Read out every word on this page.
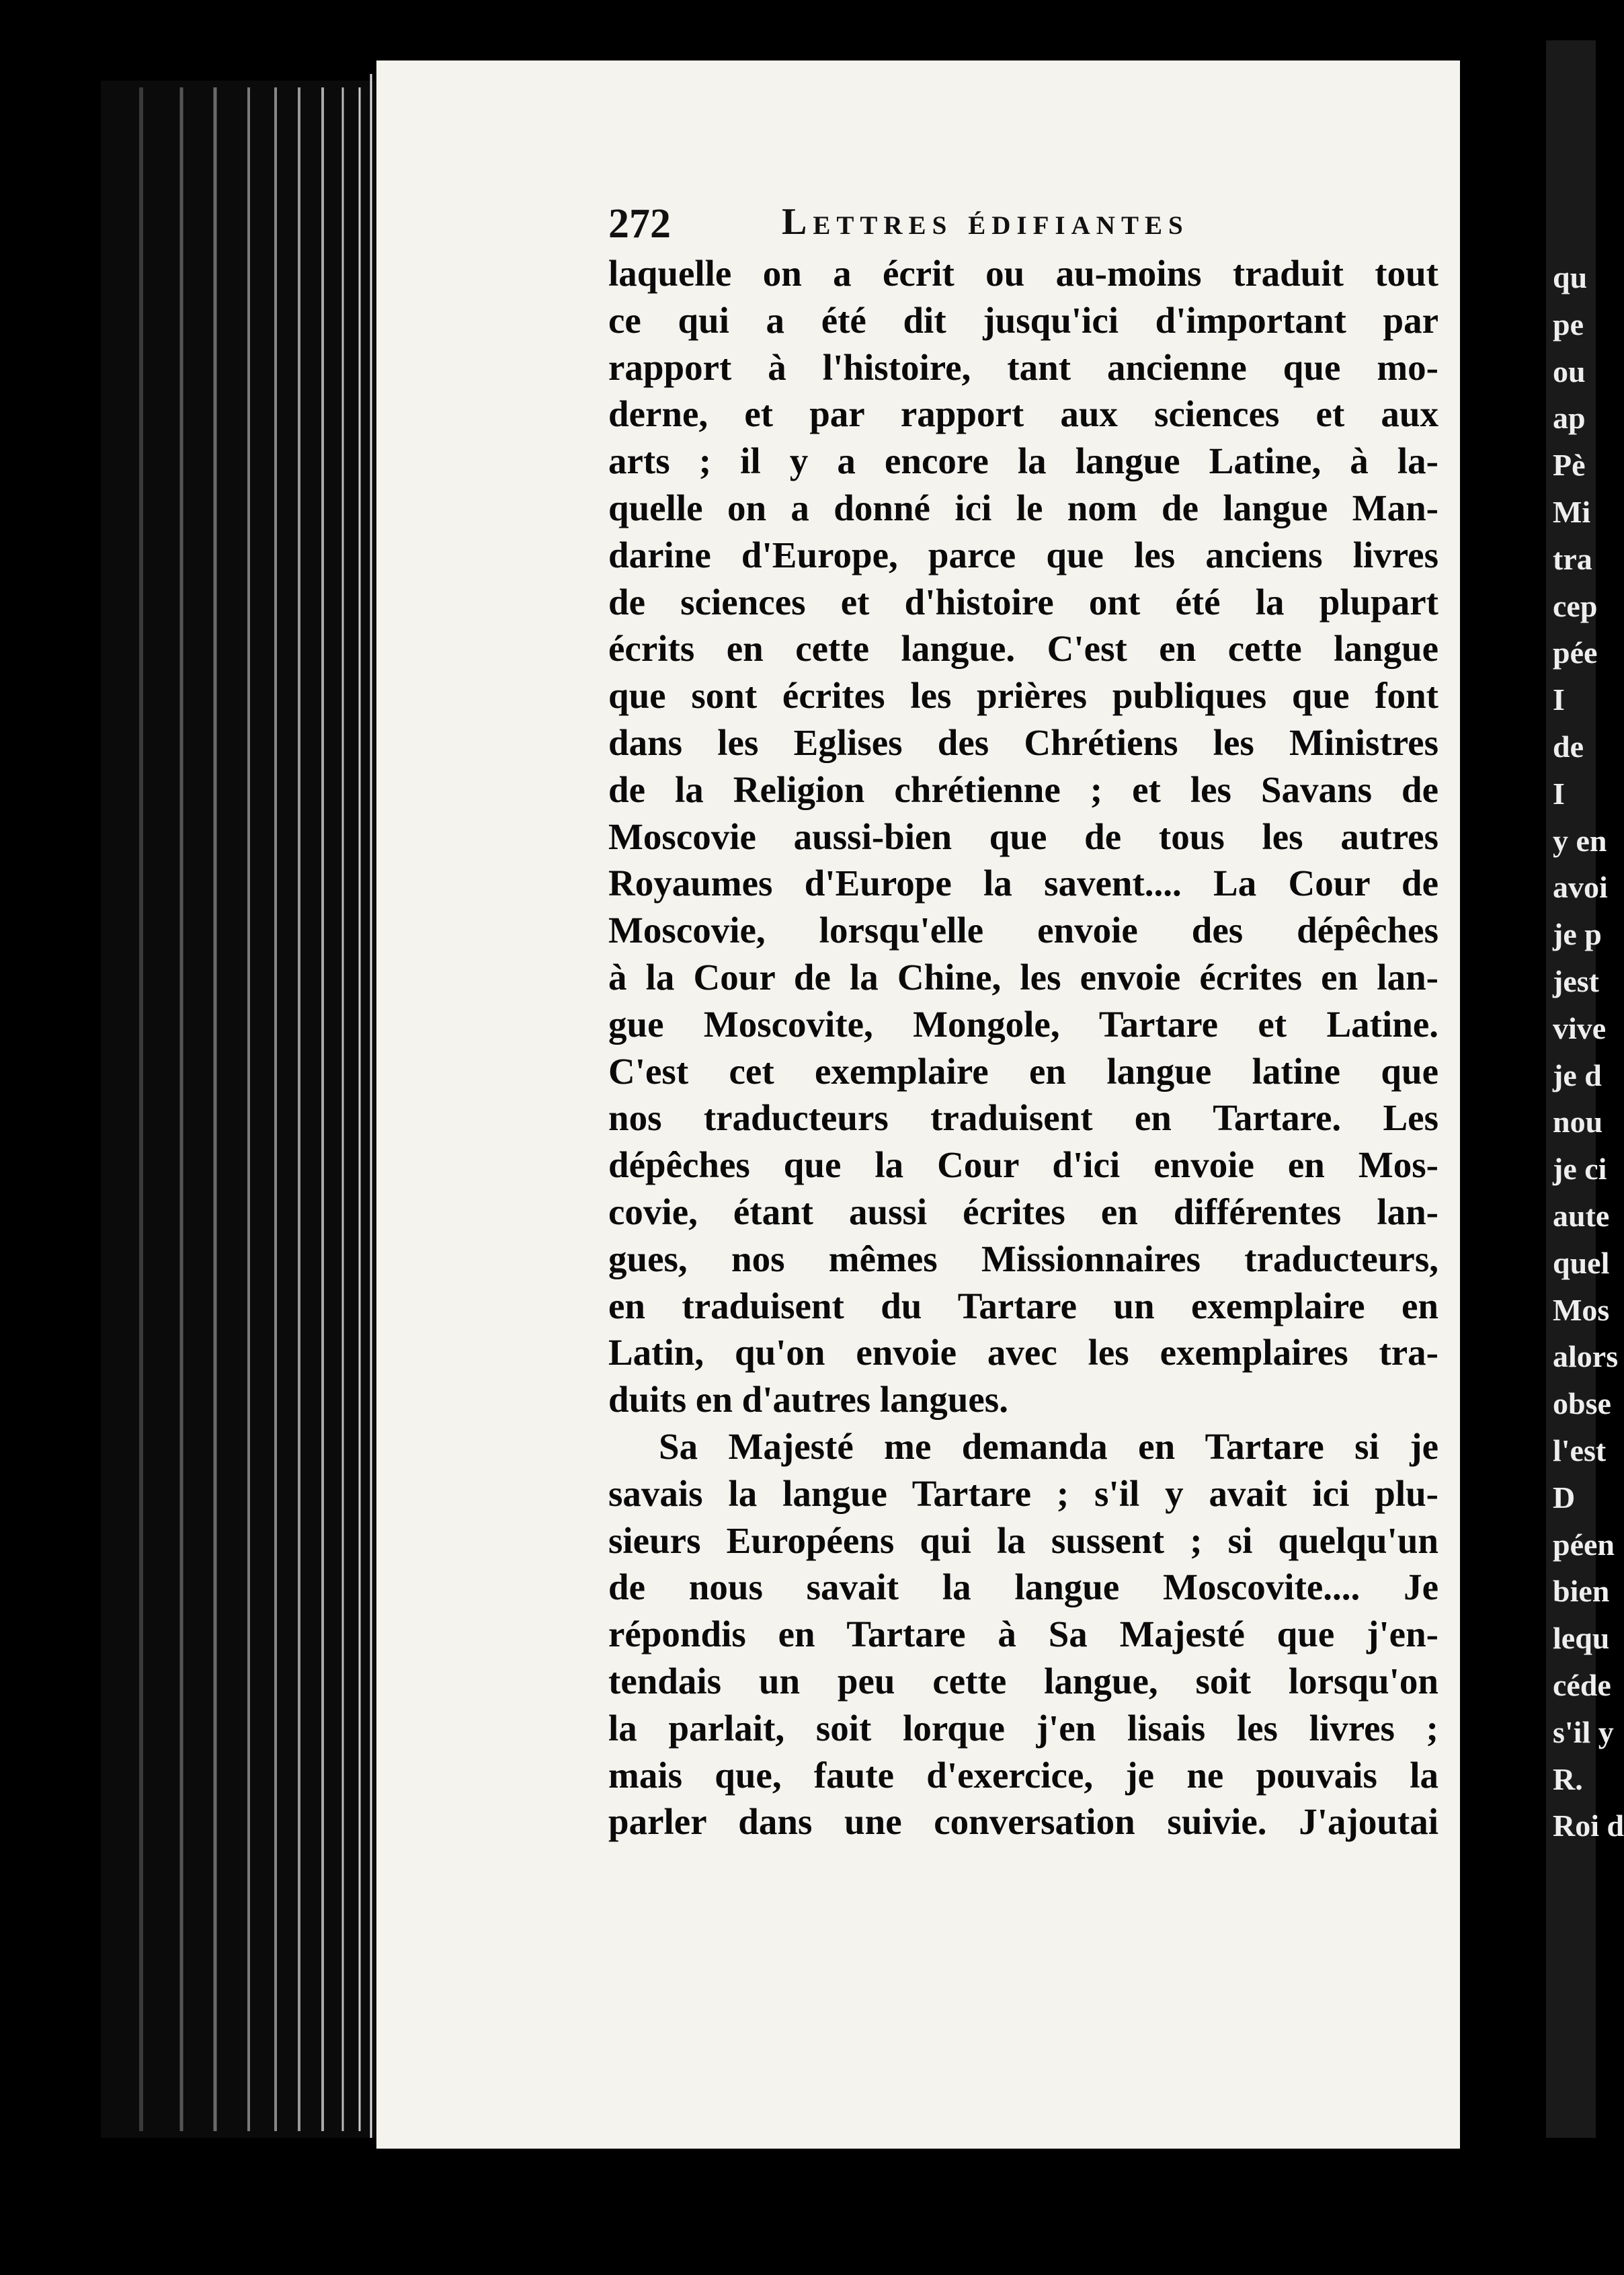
272	Lettres édifiantes
laquelle on a écrit ou au-moins traduit tout
ce qui a été dit jusqu'ici d'important par
rapport à l'histoire, tant ancienne que mo-
derne, et par rapport aux sciences et aux
arts ; il y a encore la langue Latine, à la-
quelle on a donné ici le nom de langue Man-
darine d'Europe, parce que les anciens livres
de sciences et d'histoire ont été la plupart
écrits en cette langue. C'est en cette langue
que sont écrites les prières publiques que font
dans les Eglises des Chrétiens les Ministres
de la Religion chrétienne ; et les Savans de
Moscovie aussi-bien que de tous les autres
Royaumes d'Europe la savent.... La Cour de
Moscovie, lorsqu'elle envoie des dépêches
à la Cour de la Chine, les envoie écrites en lan-
gue Moscovite, Mongole, Tartare et Latine.
C'est cet exemplaire en langue latine que
nos traducteurs traduisent en Tartare. Les
dépêches que la Cour d'ici envoie en Mos-
covie, étant aussi écrites en différentes lan-
gues, nos mêmes Missionnaires traducteurs,
en traduisent du Tartare un exemplaire en
Latin, qu'on envoie avec les exemplaires tra-
duits en d'autres langues.
Sa Majesté me demanda en Tartare si je
savais la langue Tartare ; s'il y avait ici plu-
sieurs Européens qui la sussent ; si quelqu'un
de nous savait la langue Moscovite.... Je
répondis en Tartare à Sa Majesté que j'en-
tendais un peu cette langue, soit lorsqu'on
la parlait, soit lorque j'en lisais les livres ;
mais que, faute d'exercice, je ne pouvais la
parler dans une conversation suivie. J'ajoutai
qu
pe
ou
ap
Pè
Mi
tra
cep
pée
I
de
I
y en
avoi
je p
jest
vive
je d
nou
je ci
aute
quel
Mos
alors
obse
l'est
D
péen
bien
lequ
céde
s'il y
R.
Roi d
